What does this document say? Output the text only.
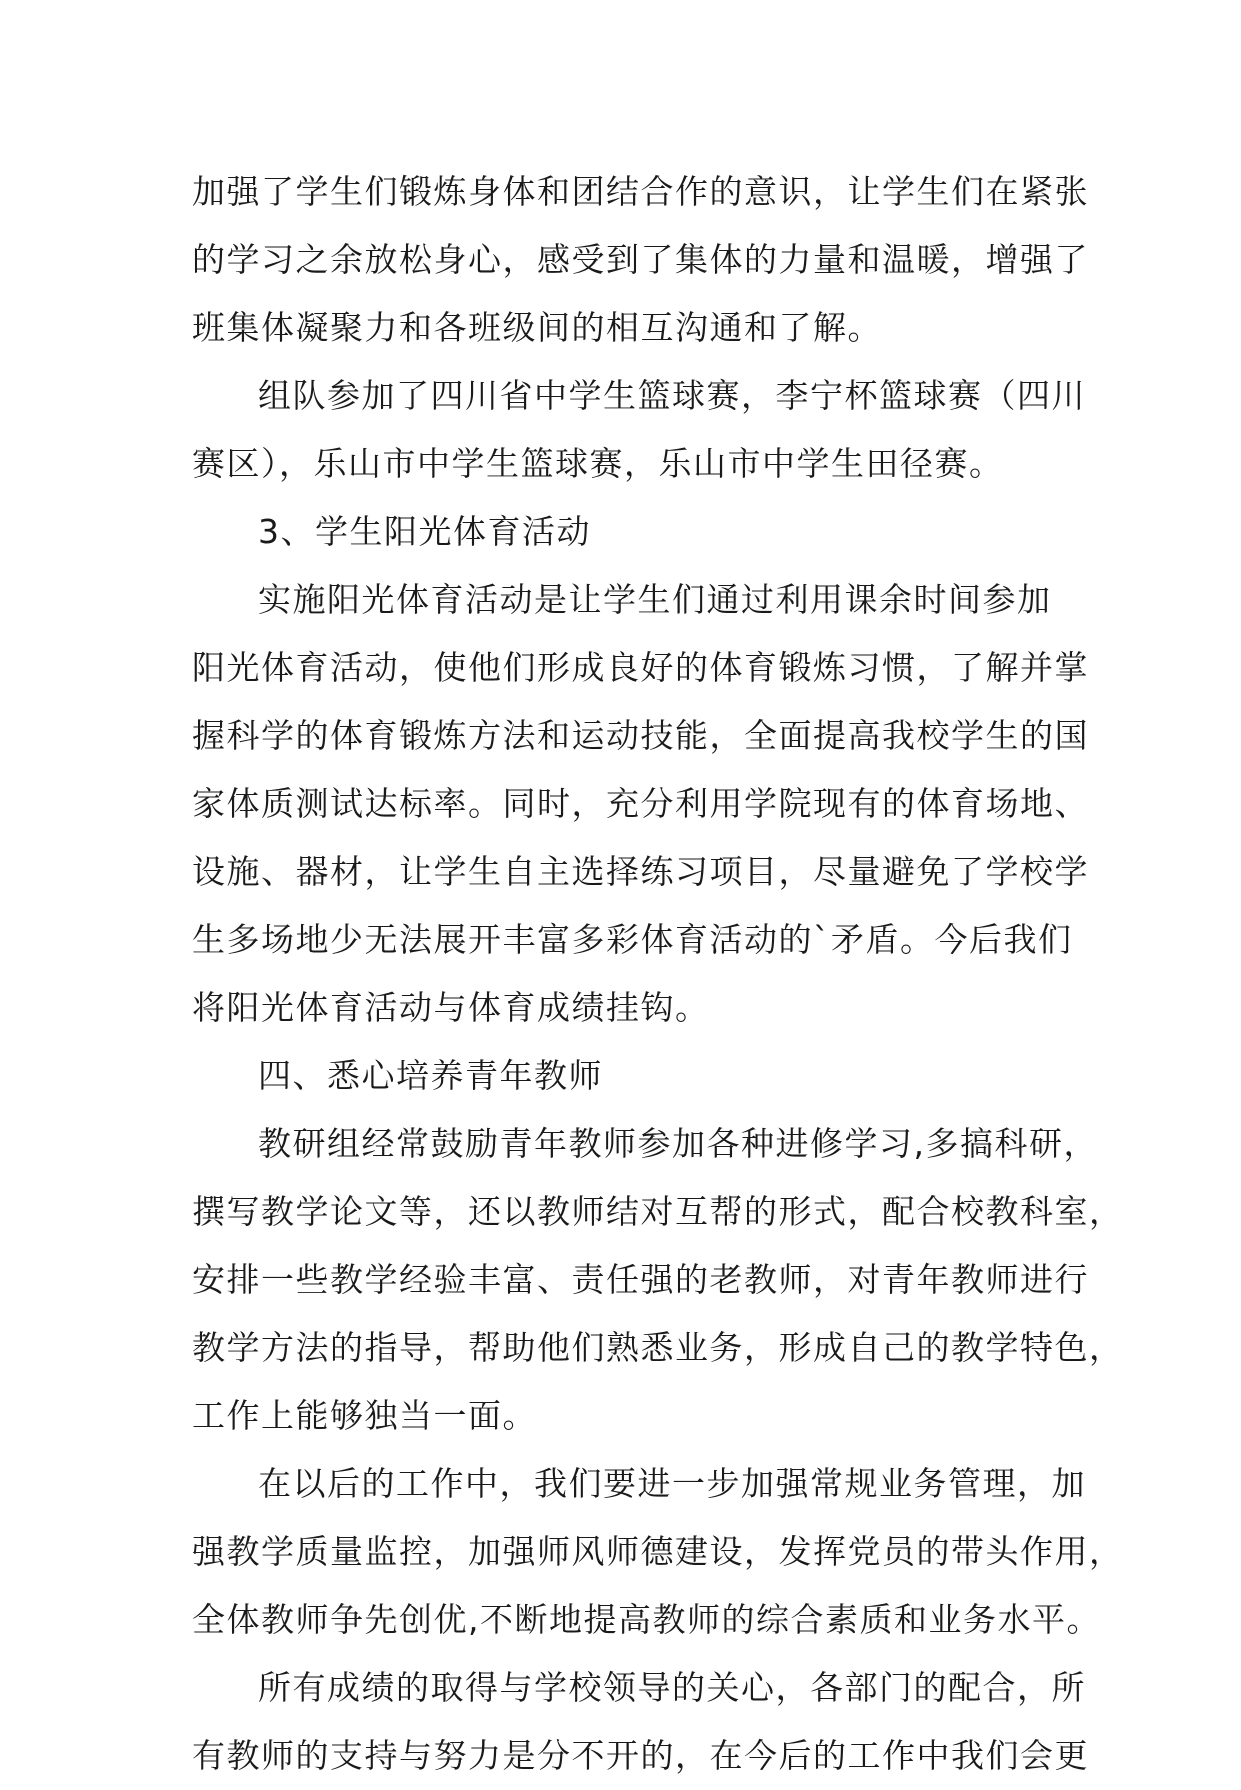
加强了学生们锻炼身体和团结合作的意识，让学生们在紧张
的学习之余放松身心，感受到了集体的力量和温暖，增强了
班集体凝聚力和各班级间的相互沟通和了解。
组队参加了四川省中学生篮球赛，李宁杯篮球赛（四川
赛区），乐山市中学生篮球赛，乐山市中学生田径赛。
3、学生阳光体育活动
实施阳光体育活动是让学生们通过利用课余时间参加
阳光体育活动，使他们形成良好的体育锻炼习惯，了解并掌
握科学的体育锻炼方法和运动技能，全面提高我校学生的国
家体质测试达标率。同时，充分利用学院现有的体育场地、
设施、器材，让学生自主选择练习项目，尽量避免了学校学
生多场地少无法展开丰富多彩体育活动的`矛盾。今后我们
将阳光体育活动与体育成绩挂钩。
四、悉心培养青年教师
教研组经常鼓励青年教师参加各种进修学习,多搞科研，
撰写教学论文等，还以教师结对互帮的形式，配合校教科室，
安排一些教学经验丰富、责任强的老教师，对青年教师进行
教学方法的指导，帮助他们熟悉业务，形成自己的教学特色，
工作上能够独当一面。
在以后的工作中，我们要进一步加强常规业务管理，加
强教学质量监控，加强师风师德建设，发挥党员的带头作用，
全体教师争先创优,不断地提高教师的综合素质和业务水平。
所有成绩的取得与学校领导的关心，各部门的配合，所
有教师的支持与努力是分不开的，在今后的工作中我们会更
